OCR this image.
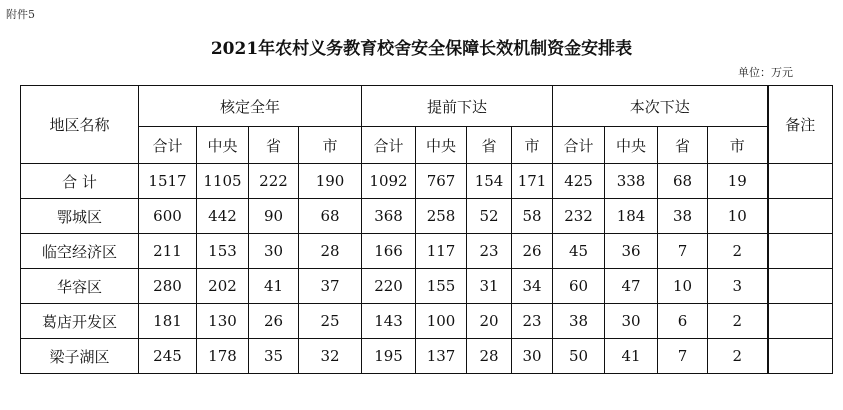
附件5
2021年农村义务教育校舍安全保障长效机制资金安排表
单位：万元
地区名称	核定全年				提前下达				本次下达				备注
	合计	中央	省	市	合计	中央	省	市	合计	中央	省	市	
合 计	1517	1105	222	190	1092	767	154	171	425	338	68	19	
鄂城区	600	442	90	68	368	258	52	58	232	184	38	10	
临空经济区	211	153	30	28	166	117	23	26	45	36	7	2	
华容区	280	202	41	37	220	155	31	34	60	47	10	3	
葛店开发区	181	130	26	25	143	100	20	23	38	30	6	2	
梁子湖区	245	178	35	32	195	137	28	30	50	41	7	2	
